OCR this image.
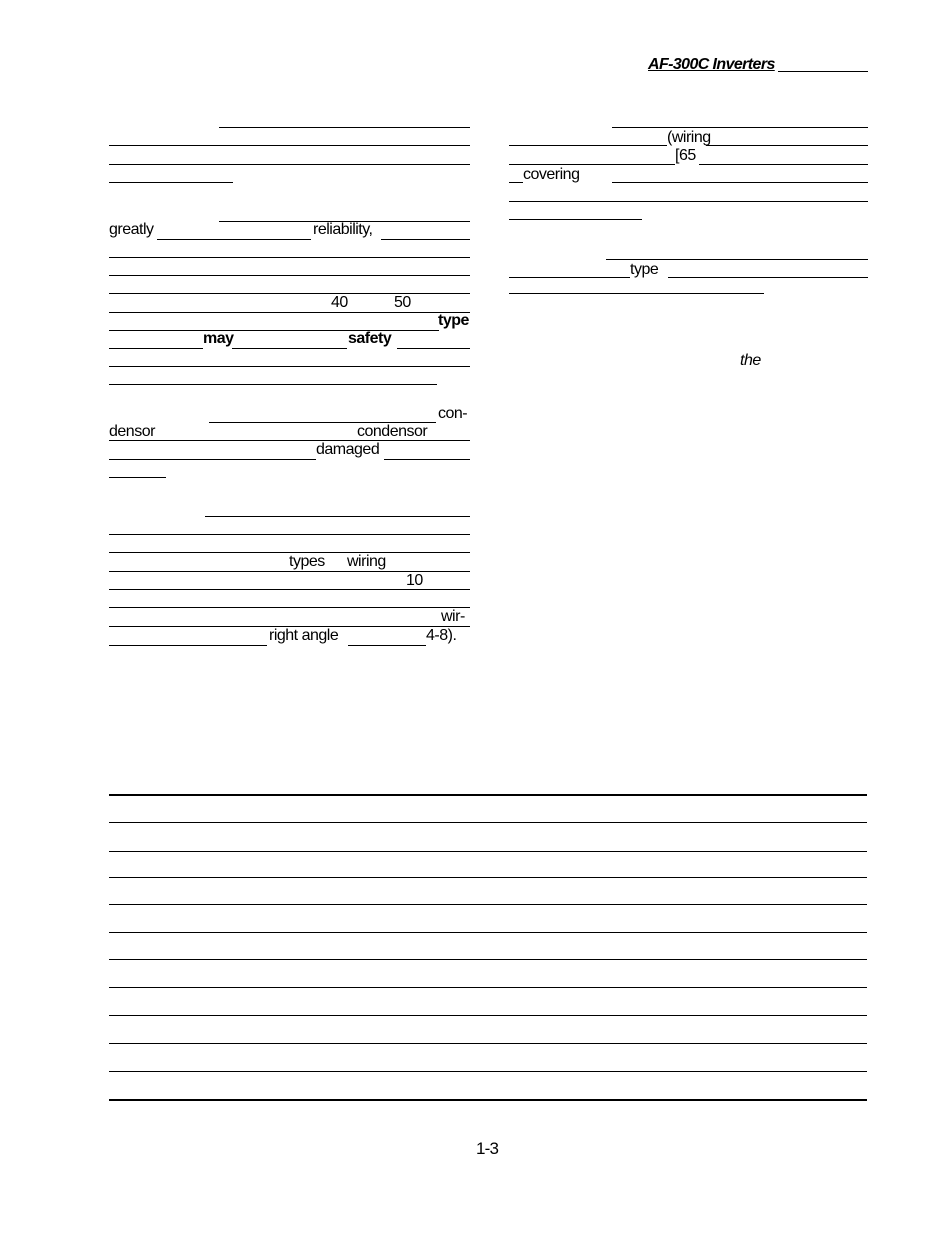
AF-300C Inverters
greatly	reliability,
40	50
type
may	safety
con-
densor	condensor
damaged
types wiring
10
wir-
right angle	4-8).
(wiring
[65
covering
type
the
1-3
